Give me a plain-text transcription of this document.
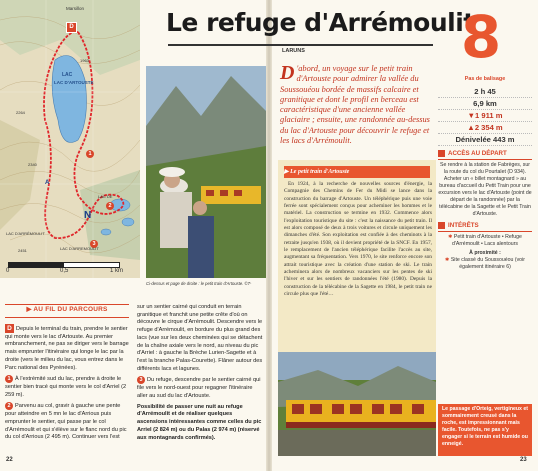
D
1
2
3
A
N
Marsillon
LAC
LAC D'ARTOUSTE
LAC D'ARRÉMOULIT
LAC D'ARREMOULIT
LAC DE
1963
2264
2340
2451
0	0,5	1 km
Ci-dessus et page de droite : le petit train d'Artouste. ©T-
▶ AU FIL DU PARCOURS

D Depuis le terminal du train, prendre le sentier qui monte vers le lac d'Artouste. Au premier embranchement, ne pas se diriger vers le barrage mais emprunter l'itinéraire qui longe le lac par la droite (vers le milieu du lac, vous entrez dans le Parc national des Pyrénées).

1 À l'extrémité sud du lac, prendre à droite le sentier bien tracé qui monte vers le col d'Arriel (2 259 m).

2 Parvenu au col, gravir à gauche une pente pour atteindre en 5 mn le lac d'Arrious puis emprunter le sentier, qui passe par le col d'Arrémoulit et qui s'élève sur le flanc nord du pic du col d'Arrious (2 495 m). Continuer vers l'est

sur un sentier cairné qui conduit en terrain granitique et franchit une petite crête d'où on découvre le cirque d'Arrémoulit. Descendre vers le refuge d'Arrémoulit, en bordure du plus grand des lacs (vue sur les deux cheminées qui se détachent de la chaîne axiale vers le nord, au niveau du pic d'Arriel : à gauche la Brèche Lurien-Sagette et à l'est la branche Palas-Courette). Flâner autour des différents lacs et lagunes.

3 Du refuge, descendre par le sentier cairné qui file vers le nord-ouest pour regagner l'itinéraire aller au sud du lac d'Artouste.

Possibilité de passer une nuit au refuge d'Arrémoulit et de réaliser quelques ascensions intéressantes comme celles du pic Arriel (2 824 m) ou du Palas (2 974 m) (réservé aux montagnards confirmés).

22
Le refuge d'Arrémoulit
LARUNS	8
D 'abord, un voyage sur le petit train d'Artouste pour admirer la vallée du Soussouéou bordée de massifs calcaire et granitique et dont le profil en berceau est caractéristique d'une ancienne vallée glaciaire ; ensuite, une randonnée au-dessus du lac d'Artouste pour découvrir le refuge et les lacs d'Arrémoulit.
▶ Le petit train d'Artouste

En 1924, à la recherche de nouvelles sources d'énergie, la Compagnie des Chemins de Fer du Midi se lance dans la construction du barrage d'Artouste. Un téléphérique puis une voie ferrée sont spécialement conçus pour acheminer les hommes et le matériel. La construction se termine en 1932. Commence alors l'exploitation touristique du site : c'est la naissance du petit train. Il est alors composé de deux à trois voitures et circule uniquement les dimanches d'été. Son exploitation est confiée à des cheminots à la retraite jusqu'en 1938, où il devient propriété de la SNCF. En 1957, le remplacement de l'ancien téléphérique facilite l'accès au site, augmentant sa fréquentation. Vers 1970, le site renforce encore son attrait touristique avec la création d'une station de ski. Le train acheminera alors de nombreux vacanciers sur les pentes de ski l'hiver et sur les sentiers de randonnées l'été (1980). Depuis la construction de la télécabine de la Sagette en 1984, le petit train ne circule plus que l'été…

Pas de balisage
2 h 45
6,9 km
▼1 911 m
▲2 354 m
Dénivelée 443 m
ACCÈS AU DÉPART
Se rendre à la station de Fabrèges, sur la route du col du Pourtalet (D 934). Acheter un « billet montagnard » au bureau d'accueil du Petit Train pour une excursion vers le lac d'Artouste (point de départ de la randonnée) par la télécabine de la Sagette et le Petit Train d'Artouste.
INTÉRÊTS
✱ Petit train d'Artouste • Refuge d'Arrémoulit • Lacs alentours
À proximité :
✱ Site classé du Soussouéou (voir également itinéraire 6)
Le passage d'Orteig, vertigineux et sommairement creusé dans la roche, est impressionnant mais facile. Toutefois, ne pas s'y engager si le terrain est humide ou enneigé.
23
